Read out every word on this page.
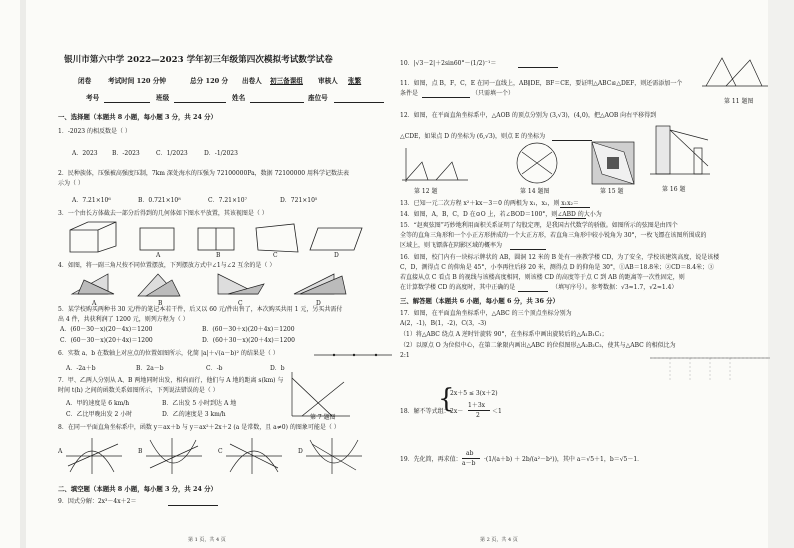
银川市第六中学 2022—2023 学年初三年级第四次模拟考试数学试卷
闭卷	考试时间 120 分钟	总分 120 分 出卷人 初三备课组 审核人 张繁
考号	班级	姓名	座位号
一、选择题（本题共 8 小题，每小题 3 分，共 24 分）
1．-2023 的相反数是（ ）
A．2023 B．-2023	C．1/2023	D．-1/2023
2．民种族体，压强被高强度压制，7km 深处海水的压强为 72100000Pa，数据 72100000 用科学记数法表
示为（ ）
A．7.21×10⁶	B．0.721×10⁸	C．7.21×10⁷	D．721×10⁵
3．一个由长方体截去一部分后得到的几何体如下图水平放置，其该视图是（ ）
A	B	C	D
4．如图，将一副三角尺按不同位置摆放，下列摆放方式中∠1与∠2 互余的是（ ）
A	B	C	D
5．某学校购买两种书 30 元/件的笔记本若干件，后又以 60 元/件出售了，本次购买共用 1 元，另买共需付
出 4 件，共获利润了 1200 元，则列方程为（ ）
A．(60－30－x)(20－4x)＝1200	B．(60－30＋x)(20＋4x)＝1200
C．(60－30－x)(20＋4x)＝1200	D．(60＋30－x)(20＋4x)＝1200
6．实数 a、b 在数轴上对应点的位置如图所示，化简 |a|＋√(a－b)² 的结果是（ ）
A．-2a＋b	B．2a－b	C．-b	D．b
7．甲、乙两人分别从 A、B 两地同时出发，相向而行，他们与 A 地的距离 s(km) 与
时间 t(h) 之间的函数关系如图所示，下列说法错误的是（ ）
A．甲的速度是 6 km/h	B．乙出发 5 小时到达 A 地
C．乙比甲晚出发 2 小时	D．乙的速度是 3 km/h	第 7 题图
8．在同一平面直角坐标系中，函数 y＝ax＋b 与 y＝ax²＋2x＋2 (a 是常数，且 a≠0) 的图象可能是（ ）
A	B	C	D
二、填空题（本题共 8 小题，每小题 3 分，共 24 分）
9．因式分解：2x³－4x＋2＝
第 1 页，共 4 页
10．|√3－2|＋2sin60°－(1/2)⁻¹＝
11．如图，点 B，F，C，E 在同一直线上，AB∥DE，BF＝CE，要证明△ABC≌△DEF，则还需添加一个
条件是	（只需填一个）
第 11 题图
12．如图，在平面直角坐标系中，△AOB 的顶点分别为 (3,√3)，(4,0)，把△AOB 向右平移得到
△CDE，如果点 D 的坐标为 (6,√3)，则点 E 的坐标为
第 12 题	第 14 题图	第 15 题	第 16 题
13．已知一元二次方程 x²＋kx－3＝0 的两根为 x₁，x₂，则 x₁x₂＝
14．如图，A，B，C，D 在⊙O 上，若∠BOD＝100°，则∠ABD 的大小为
15．“赵爽弦图”巧妙地利用面积关系证明了勾股定理，是我国古代数学的骄傲。如图所示的弦图是由四个
全等的直角三角形和一个小正方形拼成的一个大正方形，若直角三角形中较小锐角为 30°，一枚飞镖在该图所围成的
区域上，则飞镖落在阴影区域的概率为
16．如图，校门内有一块标示牌状的 AB，圆洞 12 米的 B 处有一座教学楼 CD，为了安全，学校该建筑高度，说是该楼
C，D，测得点 C 的仰角是 45°，小李再往后移 20 米，测得点 D 的仰角是 30°，①AB＝18.8米；②CD＝8.4米；③
若直接从点 C 看点 B 的视线与该楼高度相同，则该楼 CD 的高度等于点 C 到 AB 的距离等一次性固定，则
在计算数学楼 CD 的高度时，其中正确的是	（填写序号）。参考数据：√3≈1.7，√2≈1.4）
三、解答题（本题共 6 小题，每小题 6 分，共 36 分）
17．如图，在平面直角坐标系中，△ABC 的三个顶点坐标分别为
A(2，-1)，B(1，-2)，C(3，-3)
（1）将△ABC 绕点 A 逆时针旋转 90°，在坐标系中画出旋转后的△A₁B₁C₁；
（2）以原点 O 为位似中心，在第二象限内画出△ABC 的位似图形△A₂B₂C₂，使其与△ABC 的相似比为
2:1
18．解不等式组：
{
2x＋5 ≤ 3(x＋2)
2x－
1＋3x
2
＜1
19．先化简，再求值：
ab
a－b
·(1/(a＋b) ＋ 2b/(a²－b²))，其中 a＝√5＋1，b＝√5－1．
第 2 页，共 4 页
